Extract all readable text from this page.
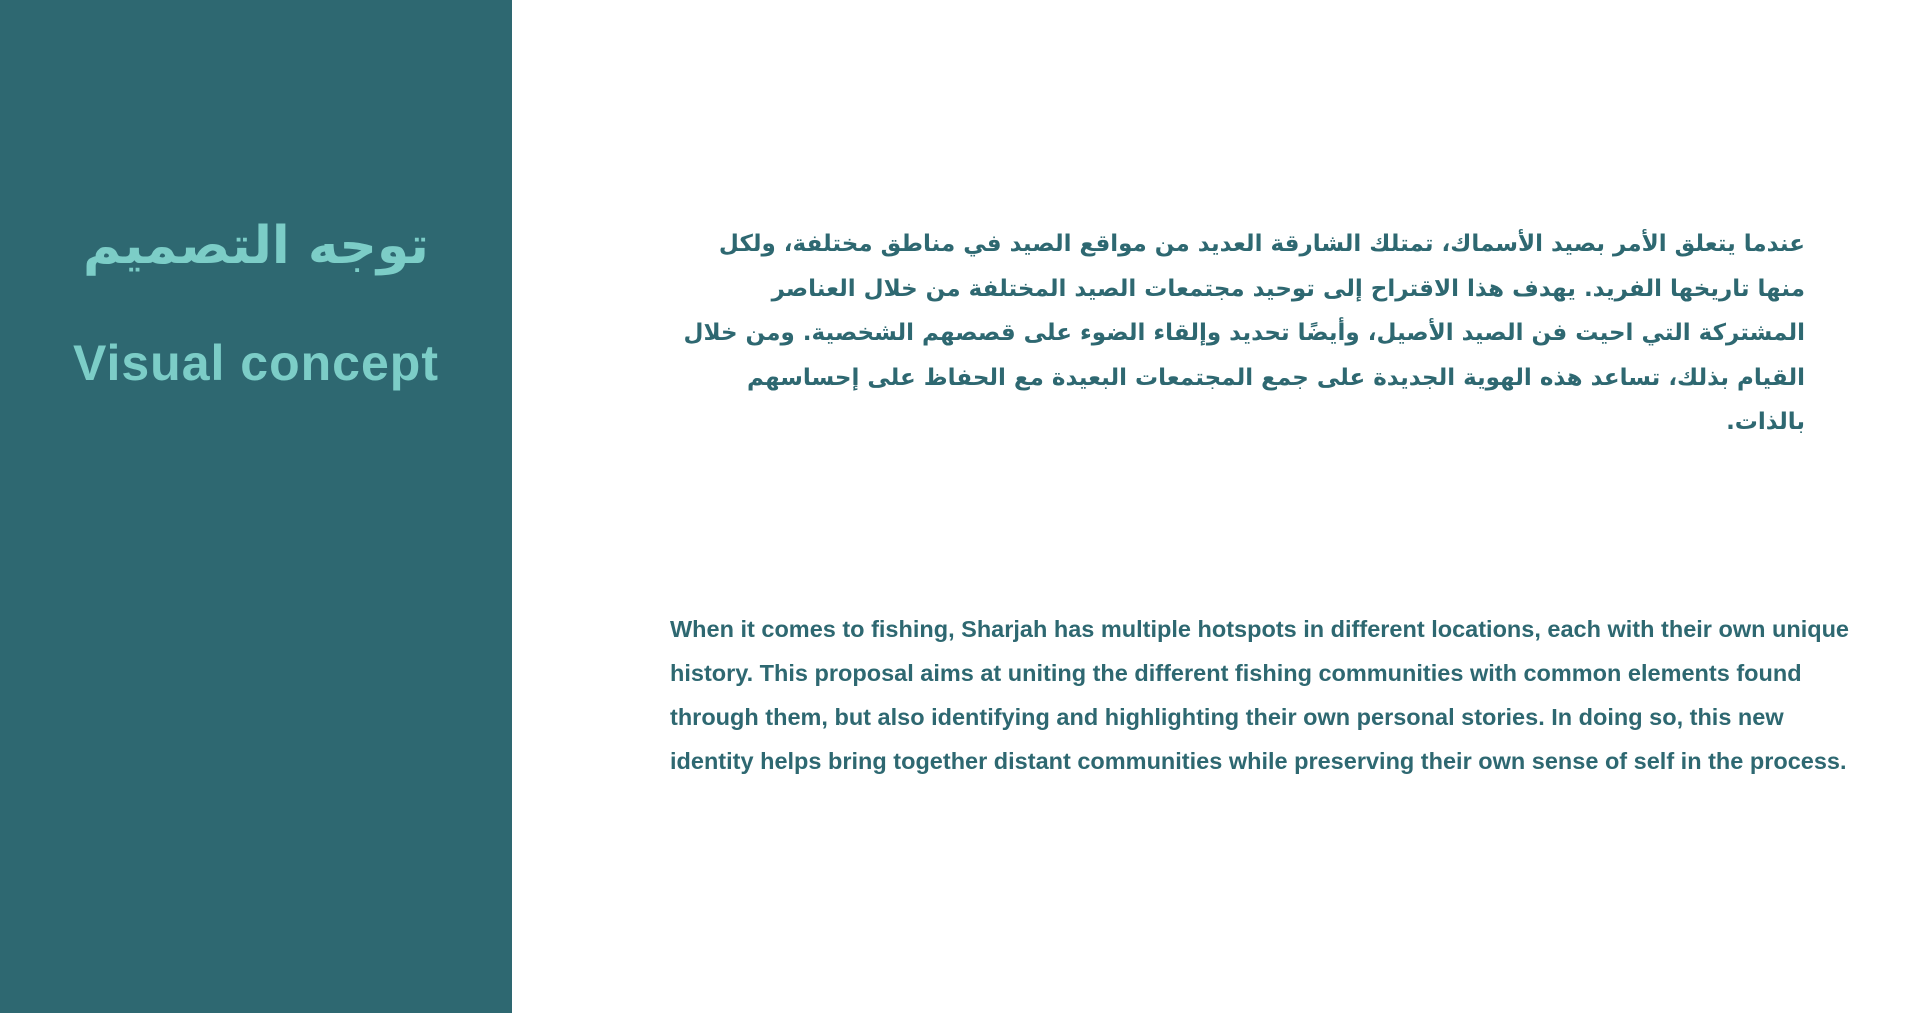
توجه التصميم
Visual concept

عندما يتعلق الأمر بصيد الأسماك، تمتلك الشارقة العديد من مواقع الصيد في مناطق مختلفة، ولكل منها تاريخها الفريد. يهدف هذا الاقتراح إلى توحيد مجتمعات الصيد المختلفة من خلال العناصر المشتركة التي احيت فن الصيد الأصيل، وأيضًا تحديد وإلقاء الضوء على قصصهم الشخصية. ومن خلال القيام بذلك، تساعد هذه الهوية الجديدة على جمع المجتمعات البعيدة مع الحفاظ على إحساسهم بالذات.

When it comes to fishing, Sharjah has multiple hotspots in different locations, each with their own unique history. This proposal aims at uniting the different fishing communities with common elements found through them, but also identifying and highlighting their own personal stories. In doing so, this new identity helps bring together distant communities while preserving their own sense of self in the process.
